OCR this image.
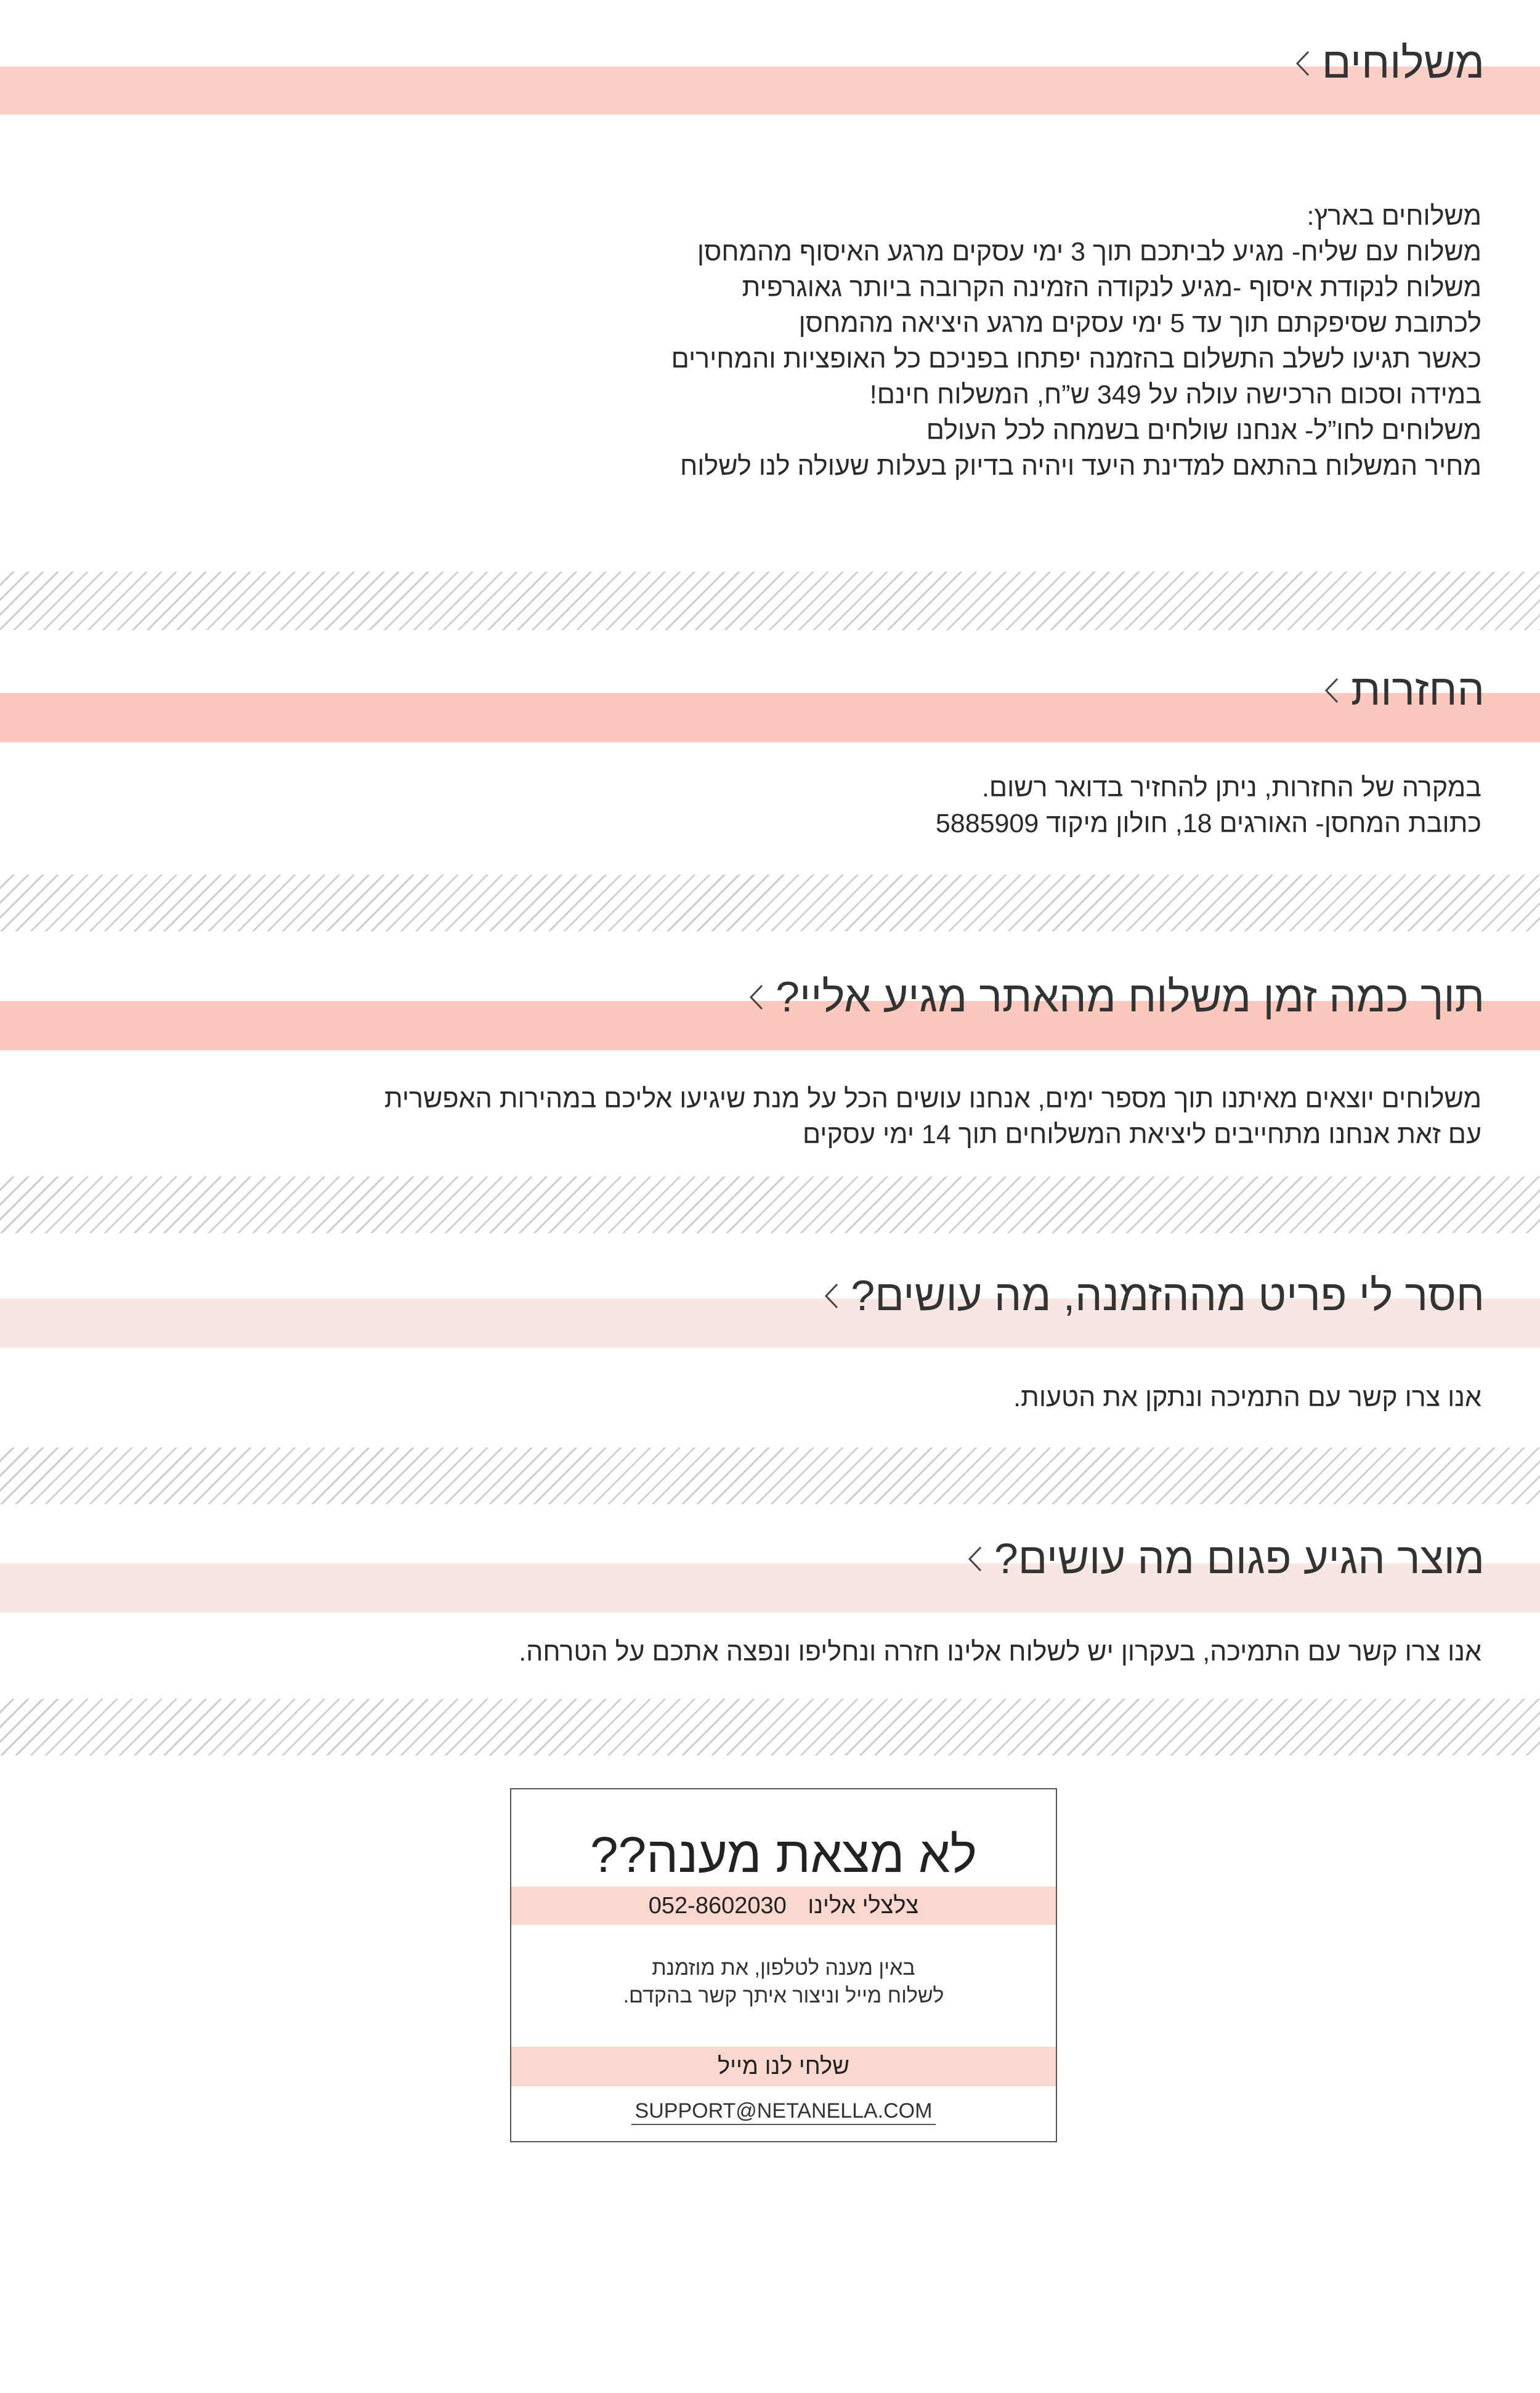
משלוחים
משלוחים בארץ:
משלוח עם שליח- מגיע לביתכם תוך 3 ימי עסקים מרגע האיסוף מהמחסן
משלוח לנקודת איסוף -מגיע לנקודה הזמינה הקרובה ביותר גאוגרפית
לכתובת שסיפקתם תוך עד 5 ימי עסקים מרגע היציאה מהמחסן
כאשר תגיעו לשלב התשלום בהזמנה יפתחו בפניכם כל האופציות והמחירים
במידה וסכום הרכישה עולה על 349 ש”ח, המשלוח חינם!
משלוחים לחו”ל- אנחנו שולחים בשמחה לכל העולם
מחיר המשלוח בהתאם למדינת היעד ויהיה בדיוק בעלות שעולה לנו לשלוח
החזרות
במקרה של החזרות, ניתן להחזיר בדואר רשום.
כתובת המחסן- האורגים 18, חולון מיקוד 5885909
תוך כמה זמן משלוח מהאתר מגיע אליי?
משלוחים יוצאים מאיתנו תוך מספר ימים, אנחנו עושים הכל על מנת שיגיעו אליכם במהירות האפשרית
עם זאת אנחנו מתחייבים ליציאת המשלוחים תוך 14 ימי עסקים
חסר לי פריט מההזמנה, מה עושים?
אנו צרו קשר עם התמיכה ונתקן את הטעות.
מוצר הגיע פגום מה עושים?
אנו צרו קשר עם התמיכה, בעקרון יש לשלוח אלינו חזרה ונחליפו ונפצה אתכם על הטרחה.
לא מצאת מענה??
צלצלי אלינו 052-8602030
באין מענה לטלפון, את מוזמנת
לשלוח מייל וניצור איתך קשר בהקדם.
שלחי לנו מייל
SUPPORT@NETANELLA.COM
